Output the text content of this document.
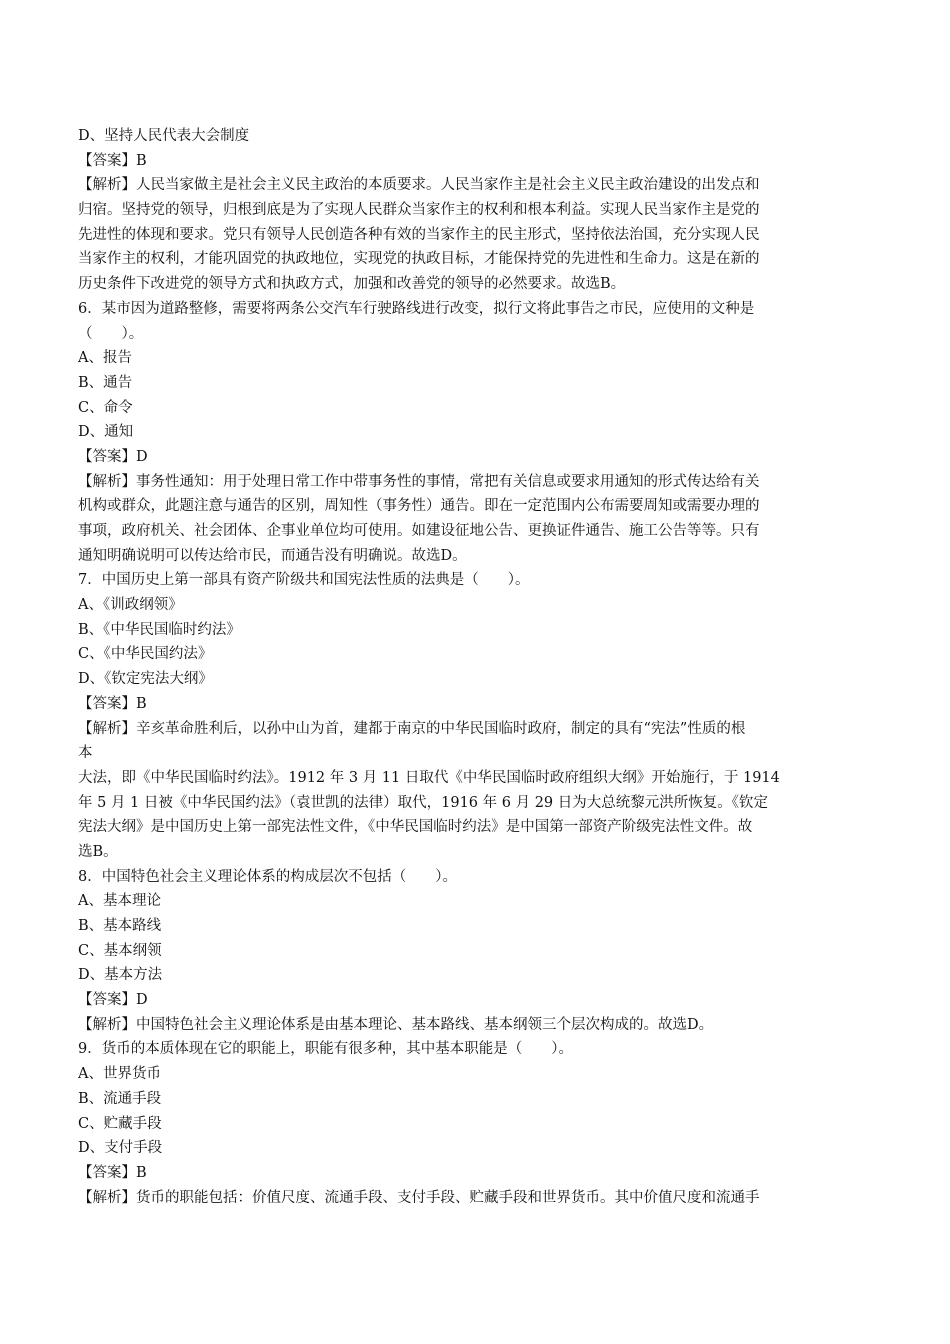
D、坚持人民代表大会制度
【答案】B
【解析】人民当家做主是社会主义民主政治的本质要求。人民当家作主是社会主义民主政治建设的出发点和
归宿。坚持党的领导，归根到底是为了实现人民群众当家作主的权利和根本利益。实现人民当家作主是党的
先进性的体现和要求。党只有领导人民创造各种有效的当家作主的民主形式，坚持依法治国，充分实现人民
当家作主的权利，才能巩固党的执政地位，实现党的执政目标，才能保持党的先进性和生命力。这是在新的
历史条件下改进党的领导方式和执政方式，加强和改善党的领导的必然要求。故选B。
6．某市因为道路整修，需要将两条公交汽车行驶路线进行改变，拟行文将此事告之市民，应使用的文种是
（　　）。
A、报告
B、通告
C、命令
D、通知
【答案】D
【解析】事务性通知：用于处理日常工作中带事务性的事情，常把有关信息或要求用通知的形式传达给有关
机构或群众，此题注意与通告的区别，周知性（事务性）通告。即在一定范围内公布需要周知或需要办理的
事项，政府机关、社会团体、企事业单位均可使用。如建设征地公告、更换证件通告、施工公告等等。只有
通知明确说明可以传达给市民，而通告没有明确说。故选D。
7．中国历史上第一部具有资产阶级共和国宪法性质的法典是（　　）。
A、《训政纲领》
B、《中华民国临时约法》
C、《中华民国约法》
D、《钦定宪法大纲》
【答案】B
【解析】辛亥革命胜利后，以孙中山为首，建都于南京的中华民国临时政府，制定的具有“宪法”性质的根
本
大法，即《中华民国临时约法》。1912 年 3 月 11 日取代《中华民国临时政府组织大纲》开始施行，于 1914
年 5 月 1 日被《中华民国约法》（袁世凯的法律）取代，1916 年 6 月 29 日为大总统黎元洪所恢复。《钦定
宪法大纲》是中国历史上第一部宪法性文件，《中华民国临时约法》是中国第一部资产阶级宪法性文件。故
选B。
8．中国特色社会主义理论体系的构成层次不包括（　　）。
A、基本理论
B、基本路线
C、基本纲领
D、基本方法
【答案】D
【解析】中国特色社会主义理论体系是由基本理论、基本路线、基本纲领三个层次构成的。故选D。
9．货币的本质体现在它的职能上，职能有很多种，其中基本职能是（　　）。
A、世界货币
B、流通手段
C、贮藏手段
D、支付手段
【答案】B
【解析】货币的职能包括：价值尺度、流通手段、支付手段、贮藏手段和世界货币。其中价值尺度和流通手
